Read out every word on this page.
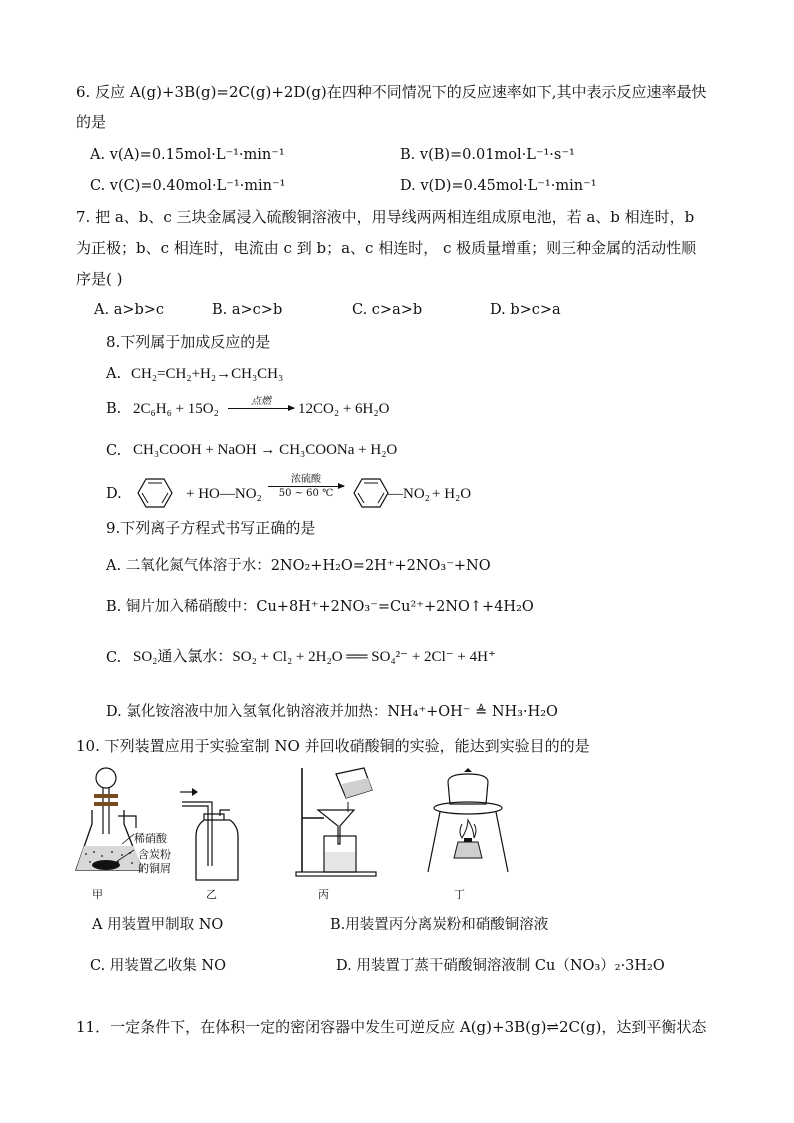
6. 反应 A(g)+3B(g)=2C(g)+2D(g)在四种不同情况下的反应速率如下,其中表示反应速率最快
的是
A. v(A)=0.15mol·L⁻¹·min⁻¹	B. v(B)=0.01mol·L⁻¹·s⁻¹
C. v(C)=0.40mol·L⁻¹·min⁻¹	D. v(D)=0.45mol·L⁻¹·min⁻¹
7. 把 a、b、c 三块金属浸入硫酸铜溶液中，用导线两两相连组成原电池，若 a、b 相连时，b
为正极；b、c 相连时，电流由 c 到 b；a、c 相连时， c 极质量增重；则三种金属的活动性顺
序是( )
A. a>b>c	B. a>c>b	C. c>a>b	D. b>c>a
8.下列属于加成反应的是
A. CH₂=CH₂+H₂→CH₃CH₃
B. 2C₆H₆ + 15O₂	点燃	12CO₂ + 6H₂O
C. CH₃COOH + NaOH → CH₃COONa + H₂O
D.	+ HO—NO₂
浓硫酸
50 ~ 60 ℃	—NO₂ + H₂O
9.下列离子方程式书写正确的是
A. 二氧化氮气体溶于水：2NO₂+H₂O=2H⁺+2NO₃⁻+NO
B. 铜片加入稀硝酸中：Cu+8H⁺+2NO₃⁻=Cu²⁺+2NO↑+4H₂O
C. SO₂通入氯水：SO₂ + Cl₂ + 2H₂O ══ SO₄²⁻ + 2Cl⁻ + 4H⁺
D. 氯化铵溶液中加入氢氧化钠溶液并加热：NH₄⁺+OH⁻ ≜ NH₃·H₂O
10. 下列装置应用于实验室制 NO 并回收硝酸铜的实验，能达到实验目的的是
稀硝酸
含炭粉
的铜屑
甲	乙	丙	丁
A 用装置甲制取 NO	B.用装置丙分离炭粉和硝酸铜溶液
C. 用装置乙收集 NO	D. 用装置丁蒸干硝酸铜溶液制 Cu（NO₃）₂·3H₂O
11．一定条件下，在体积一定的密闭容器中发生可逆反应 A(g)+3B(g)⇌2C(g)，达到平衡状态
